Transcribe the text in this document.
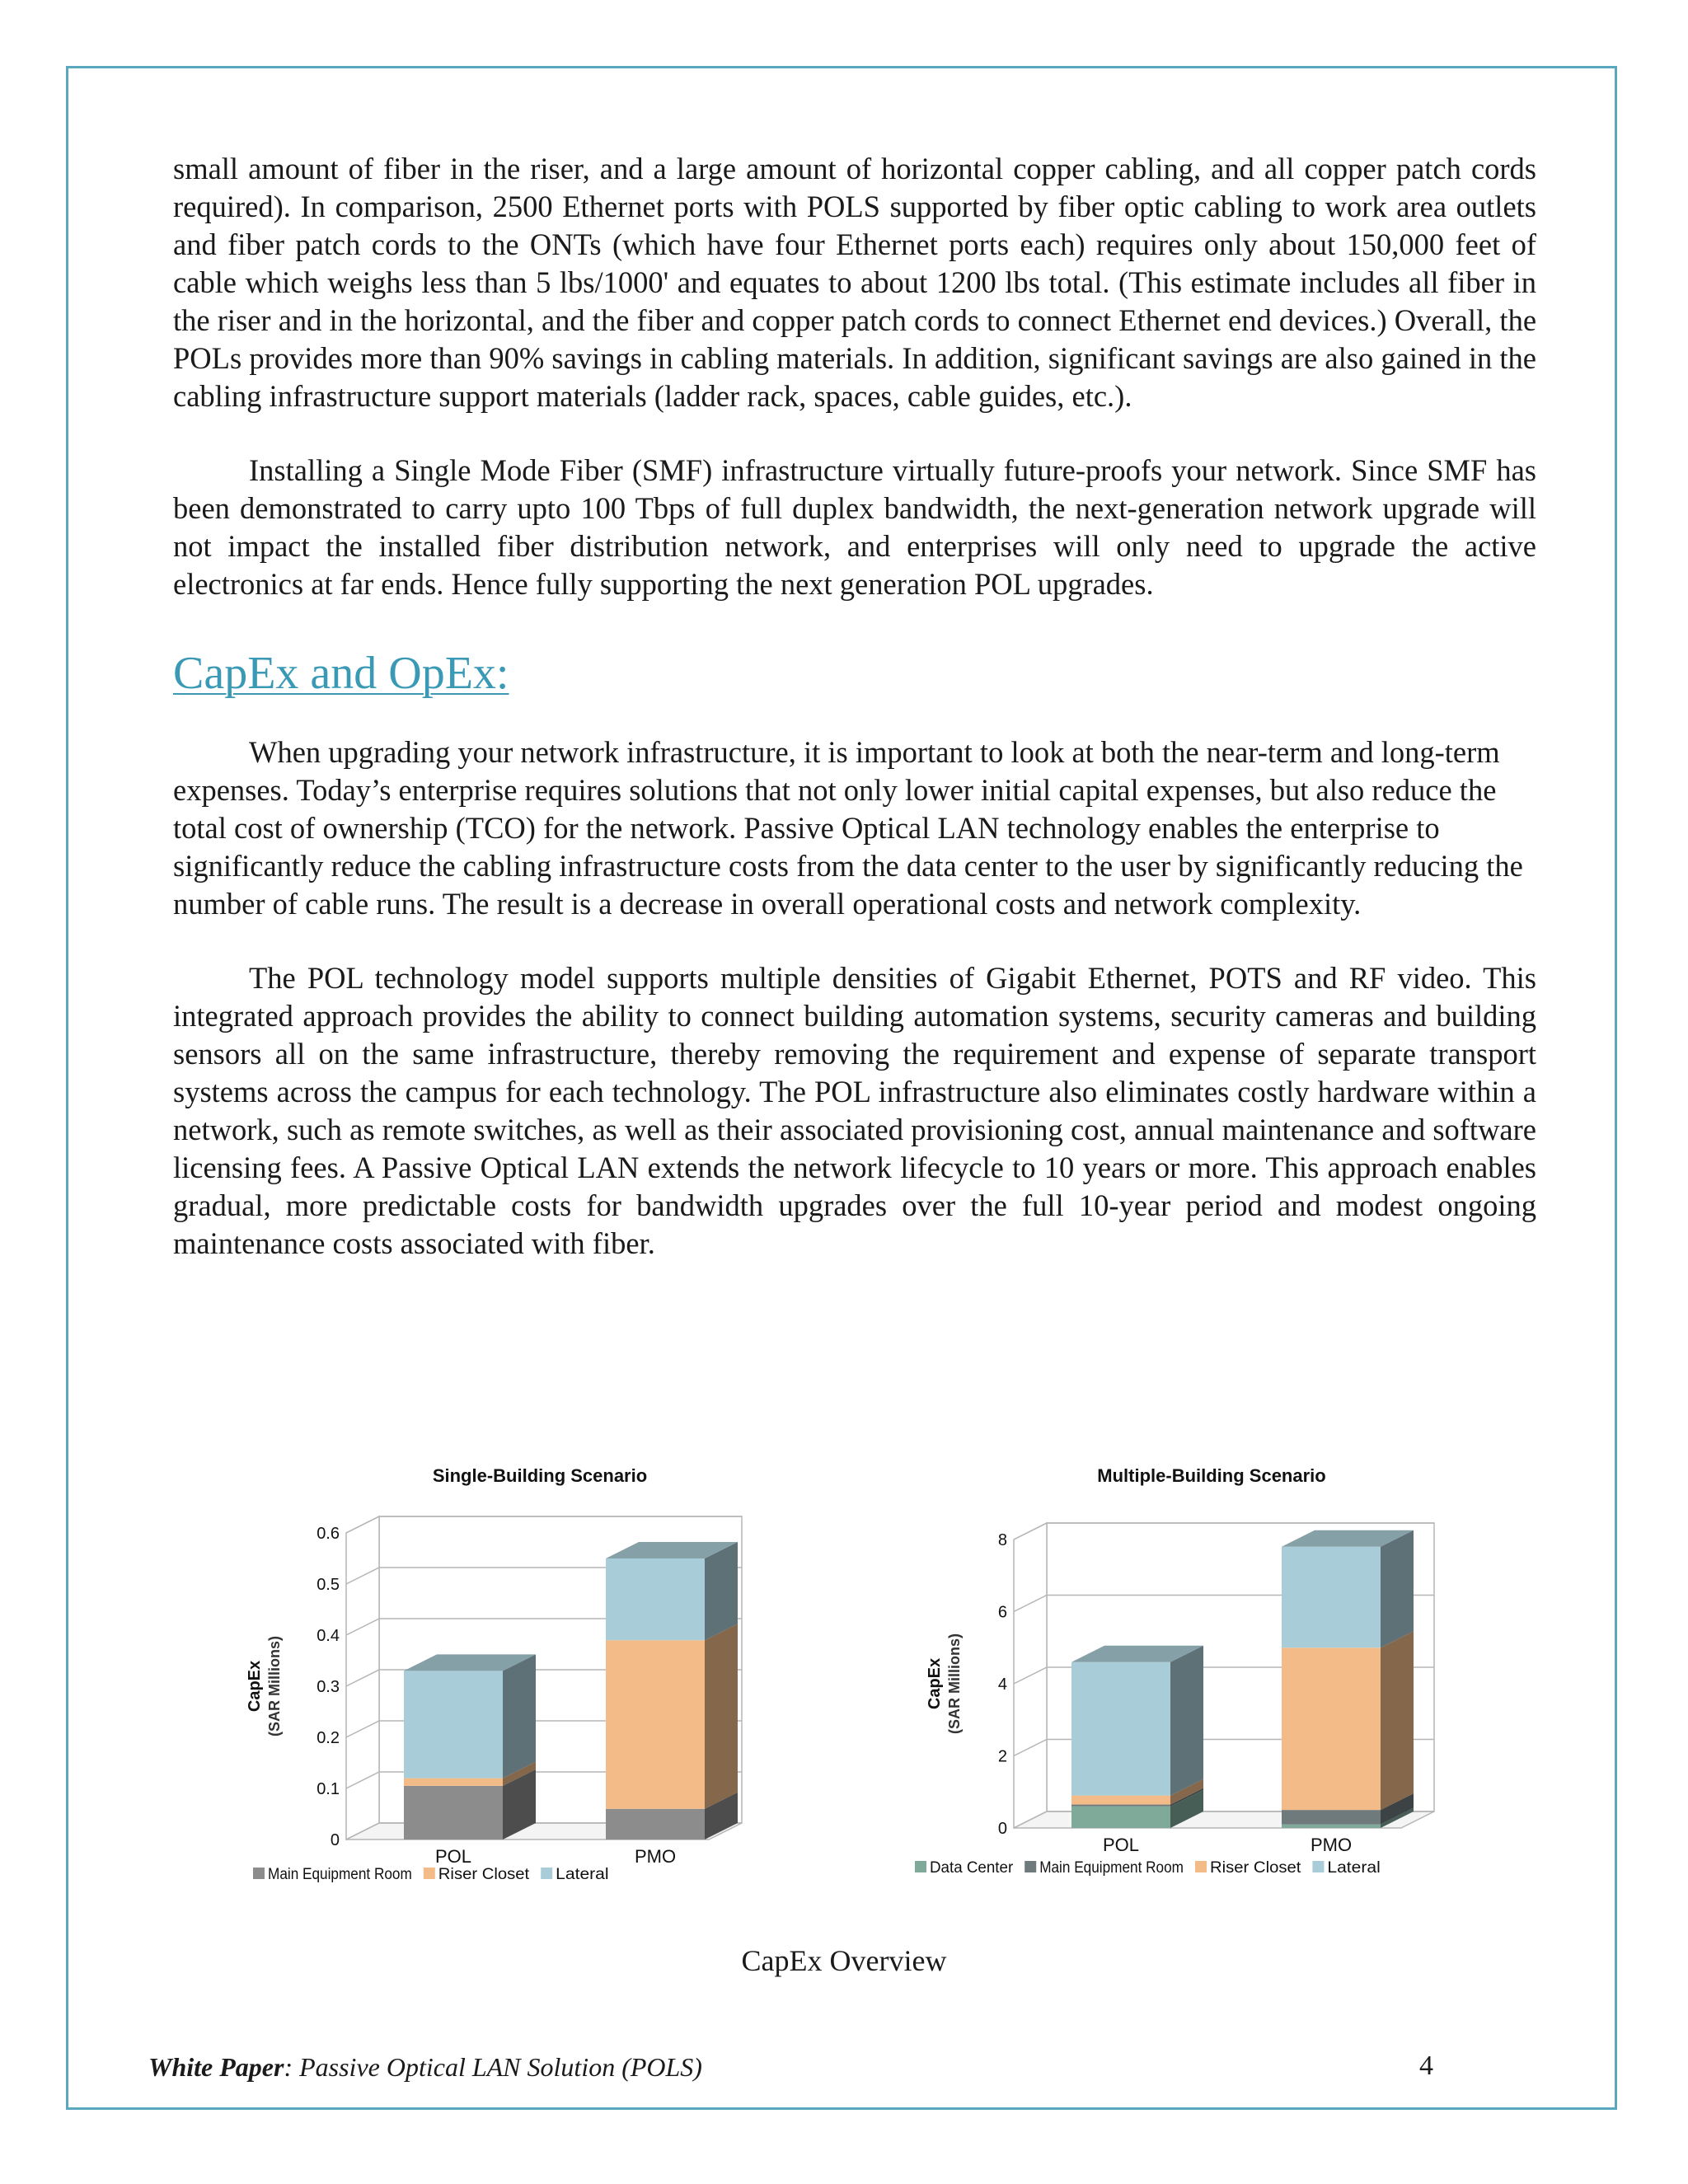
small amount of fiber in the riser, and a large amount of horizontal copper cabling, and all copper patch cords required). In comparison, 2500 Ethernet ports with POLS supported by fiber optic cabling to work area outlets and fiber patch cords to the ONTs (which have four Ethernet ports each) requires only about 150,000 feet of cable which weighs less than 5 lbs/1000' and equates to about 1200 lbs total. (This estimate includes all fiber in the riser and in the horizontal, and the fiber and copper patch cords to connect Ethernet end devices.) Overall, the POLs provides more than 90% savings in cabling materials. In addition, significant savings are also gained in the cabling infrastructure support materials (ladder rack, spaces, cable guides, etc.).

Installing a Single Mode Fiber (SMF) infrastructure virtually future-proofs your network. Since SMF has been demonstrated to carry upto 100 Tbps of full duplex bandwidth, the next-generation network upgrade will not impact the installed fiber distribution network, and enterprises will only need to upgrade the active electronics at far ends. Hence fully supporting the next generation POL upgrades.

CapEx and OpEx:

When upgrading your network infrastructure, it is important to look at both the near-term and long-term expenses. Today’s enterprise requires solutions that not only lower initial capital expenses, but also reduce the total cost of ownership (TCO) for the network. Passive Optical LAN technology enables the enterprise to significantly reduce the cabling infrastructure costs from the data center to the user by significantly reducing the number of cable runs. The result is a decrease in overall operational costs and network complexity.

The POL technology model supports multiple densities of Gigabit Ethernet, POTS and RF video. This integrated approach provides the ability to connect building automation systems, security cameras and building sensors all on the same infrastructure, thereby removing the requirement and expense of separate transport systems across the campus for each technology. The POL infrastructure also eliminates costly hardware within a network, such as remote switches, as well as their associated provisioning cost, annual maintenance and software licensing fees. A Passive Optical LAN extends the network lifecycle to 10 years or more. This approach enables gradual, more predictable costs for bandwidth upgrades over the full 10-year period and modest ongoing maintenance costs associated with fiber.

Single-Building Scenario
0
0.1
0.2
0.3
0.4
0.5
0.6
CapEx (SAR Millions)
POL	PMO
Main Equipment Room Riser Closet Lateral
Multiple-Building Scenario
0
2
4
6
8
CapEx (SAR Millions)
POL	PMO
Data Center Main Equipment Room Riser Closet Lateral
CapEx Overview
White Paper: Passive Optical LAN Solution (POLS)	4
